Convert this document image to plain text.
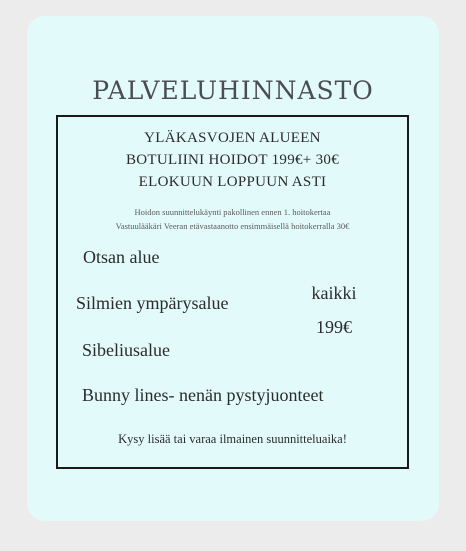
PALVELUHINNASTO
YLÄKASVOJEN ALUEEN
BOTULIINI HOIDOT 199€+ 30€
ELOKUUN LOPPUUN ASTI
Hoidon suunnittelukäynti pakollinen ennen 1. hoitokertaa
Vastuulääkäri Veeran etävastaanotto ensimmäisellä hoitokerralla 30€
Otsan alue
Silmien ympärysalue
Sibeliusalue
Bunny lines- nenän pystyjuonteet
kaikki
199€
Kysy lisää tai varaa ilmainen suunnitteluaika!
